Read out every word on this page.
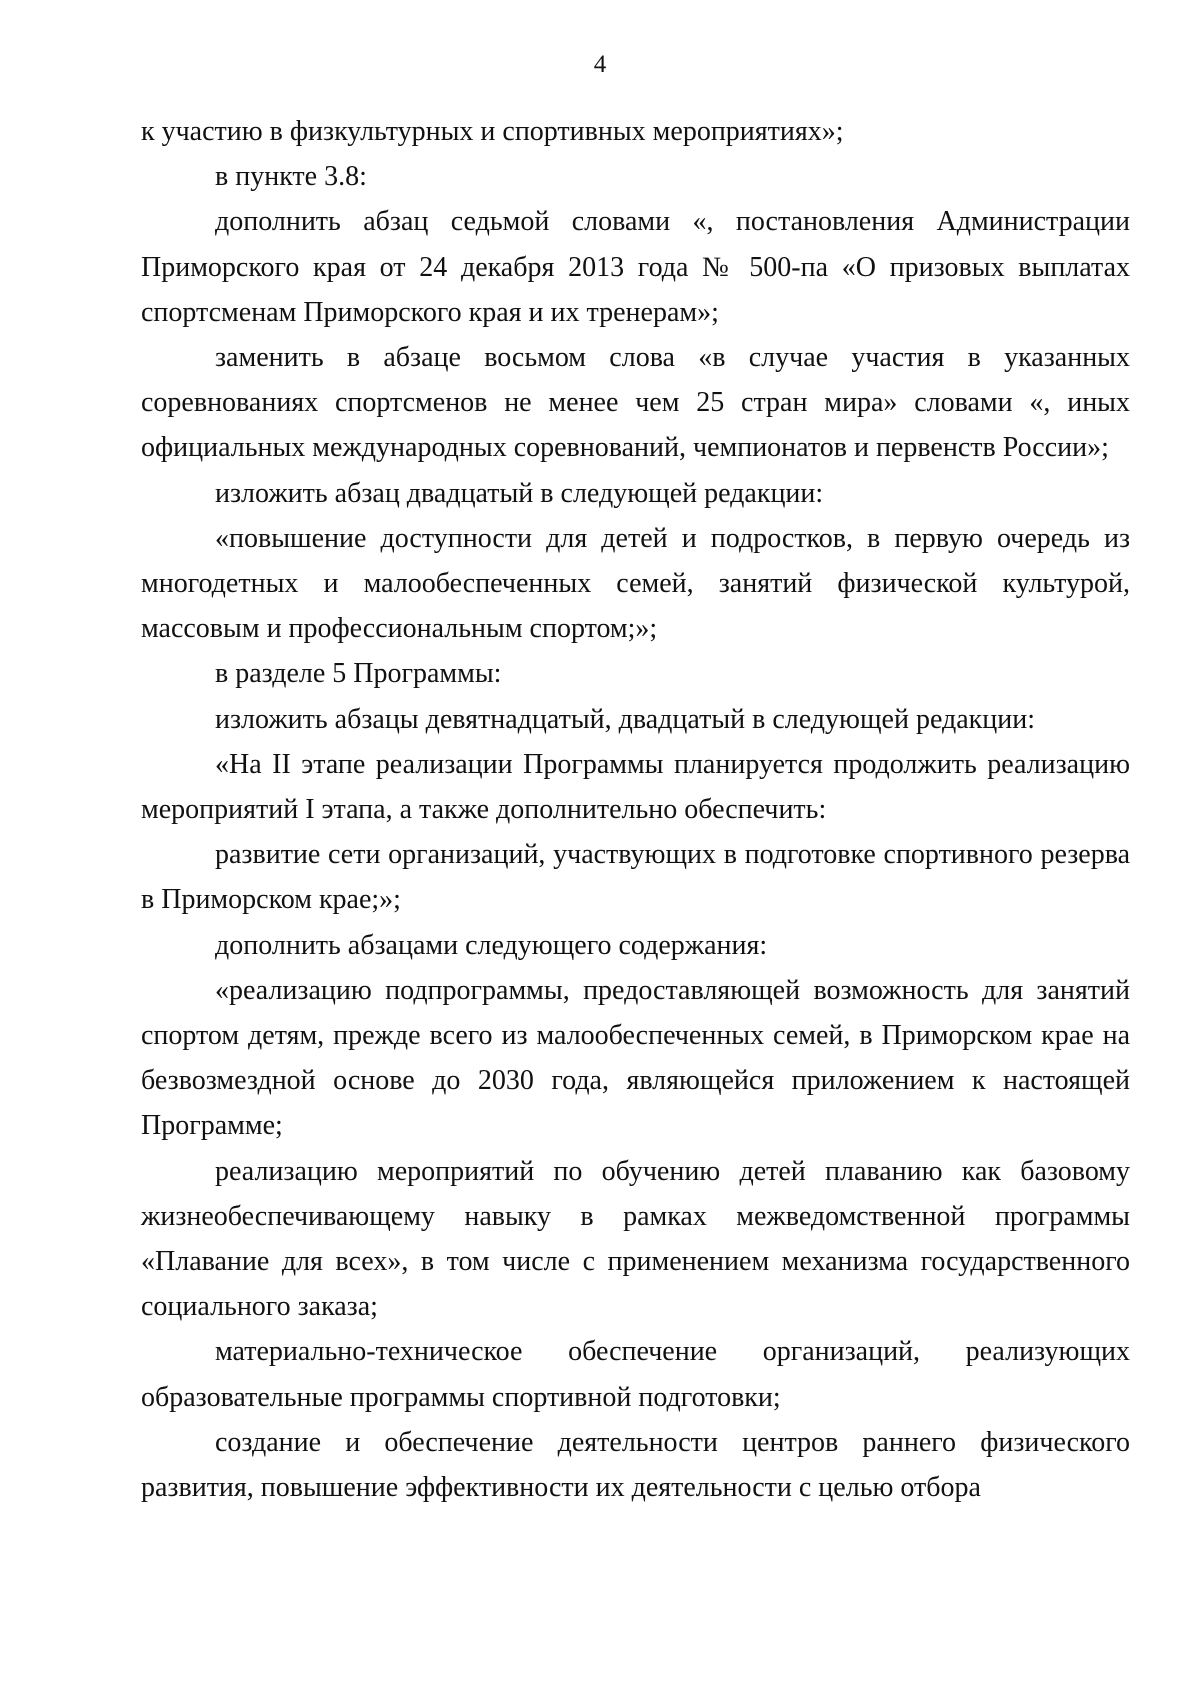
4

к участию в физкультурных и спортивных мероприятиях»;

в пункте 3.8:

дополнить абзац седьмой словами «, постановления Администрации Приморского края от 24 декабря 2013 года № 500-па «О призовых выплатах спортсменам Приморского края и их тренерам»;

заменить в абзаце восьмом слова «в случае участия в указанных соревнованиях спортсменов не менее чем 25 стран мира» словами «, иных официальных международных соревнований, чемпионатов и первенств России»;

изложить абзац двадцатый в следующей редакции:

«повышение доступности для детей и подростков, в первую очередь из многодетных и малообеспеченных семей, занятий физической культурой, массовым и профессиональным спортом;»;

в разделе 5 Программы:

изложить абзацы девятнадцатый, двадцатый в следующей редакции:

«На II этапе реализации Программы планируется продолжить реализацию мероприятий I этапа, а также дополнительно обеспечить:

развитие сети организаций, участвующих в подготовке спортивного резерва в Приморском крае;»;

дополнить абзацами следующего содержания:

«реализацию подпрограммы, предоставляющей возможность для занятий спортом детям, прежде всего из малообеспеченных семей, в Приморском крае на безвозмездной основе до 2030 года, являющейся приложением к настоящей Программе;

реализацию мероприятий по обучению детей плаванию как базовому жизнеобеспечивающему навыку в рамках межведомственной программы «Плавание для всех», в том числе с применением механизма государственного социального заказа;

материально-техническое обеспечение организаций, реализующих образовательные программы спортивной подготовки;

создание и обеспечение деятельности центров раннего физического развития, повышение эффективности их деятельности с целью отбора
